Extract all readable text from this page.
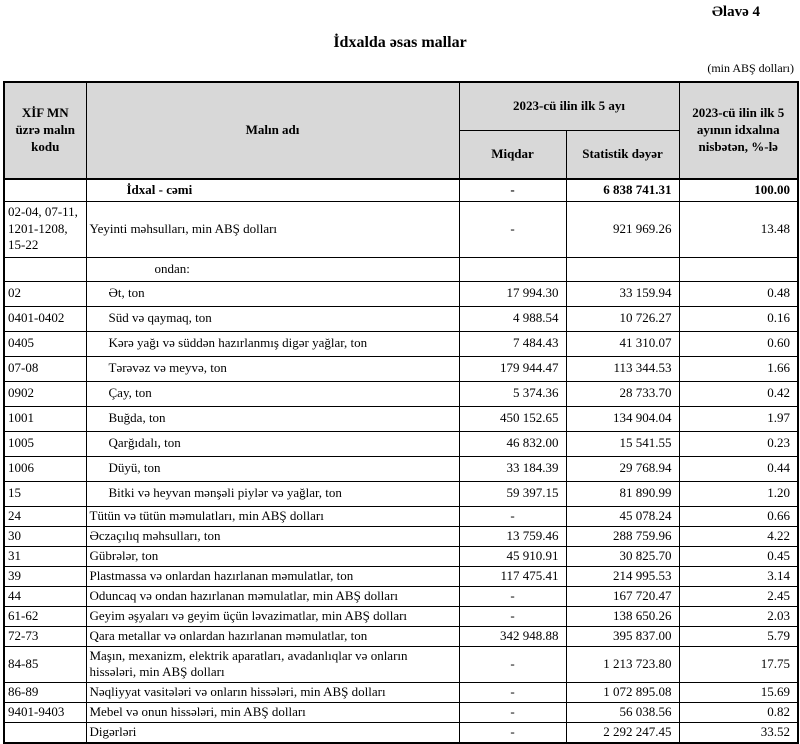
Əlavə 4
İdxalda əsas mallar
(min ABŞ dolları)
XİF MN üzrə malın kodu	Malın adı	2023-cü ilin ilk 5 ayı		2023-cü ilin ilk 5 ayının idxalına nisbətən, %-lə
		Miqdar	Statistik dəyər	
	İdxal - cəmi	-	6 838 741.31	100.00
02-04, 07-11, 1201-1208, 15-22	Yeyinti məhsulları, min ABŞ dolları	-	921 969.26	13.48
	ondan:			
02	Ət, ton	17 994.30	33 159.94	0.48
0401-0402	Süd və qaymaq, ton	4 988.54	10 726.27	0.16
0405	Kərə yağı və süddən hazırlanmış digər yağlar, ton	7 484.43	41 310.07	0.60
07-08	Tərəvəz və meyvə, ton	179 944.47	113 344.53	1.66
0902	Çay, ton	5 374.36	28 733.70	0.42
1001	Buğda, ton	450 152.65	134 904.04	1.97
1005	Qarğıdalı, ton	46 832.00	15 541.55	0.23
1006	Düyü, ton	33 184.39	29 768.94	0.44
15	Bitki və heyvan mənşəli piylər və yağlar, ton	59 397.15	81 890.99	1.20
24	Tütün və tütün məmulatları, min ABŞ dolları	-	45 078.24	0.66
30	Əczaçılıq məhsulları, ton	13 759.46	288 759.96	4.22
31	Gübrələr, ton	45 910.91	30 825.70	0.45
39	Plastmassa və onlardan hazırlanan məmulatlar, ton	117 475.41	214 995.53	3.14
44	Oduncaq və ondan hazırlanan məmulatlar, min ABŞ dolları	-	167 720.47	2.45
61-62	Geyim əşyaları və geyim üçün ləvazimatlar, min ABŞ dolları	-	138 650.26	2.03
72-73	Qara metallar və onlardan hazırlanan məmulatlar, ton	342 948.88	395 837.00	5.79
84-85	Maşın, mexanizm, elektrik aparatları, avadanlıqlar və onların hissələri, min ABŞ dolları	-	1 213 723.80	17.75
86-89	Nəqliyyat vasitələri və onların hissələri, min ABŞ dolları	-	1 072 895.08	15.69
9401-9403	Mebel və onun hissələri, min ABŞ dolları	-	56 038.56	0.82
	Digərləri	-	2 292 247.45	33.52
